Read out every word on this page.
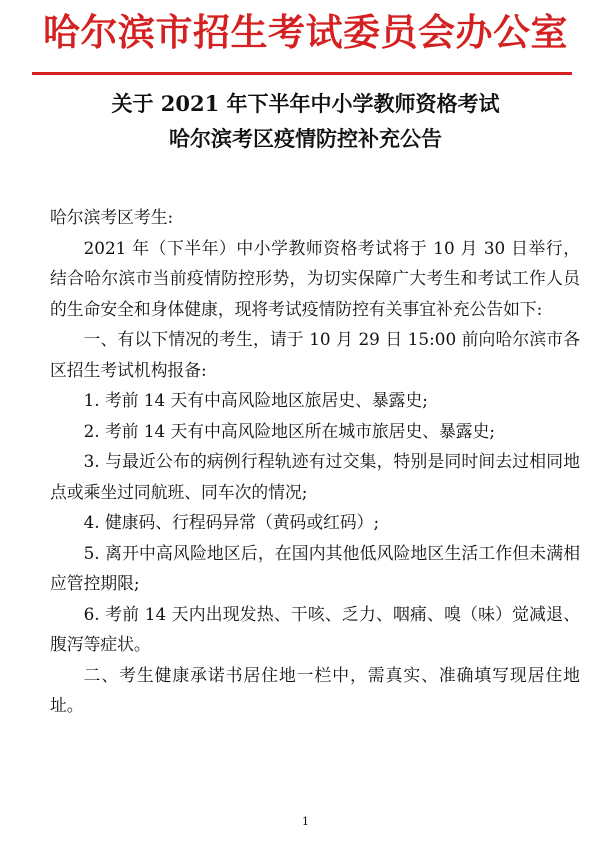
哈尔滨市招生考试委员会办公室
关于 2021 年下半年中小学教师资格考试
哈尔滨考区疫情防控补充公告

哈尔滨考区考生:

2021 年（下半年）中小学教师资格考试将于 10 月 30 日举行，结合哈尔滨市当前疫情防控形势，为切实保障广大考生和考试工作人员的生命安全和身体健康，现将考试疫情防控有关事宜补充公告如下:

一、有以下情况的考生，请于 10 月 29 日 15:00 前向哈尔滨市各区招生考试机构报备:

1. 考前 14 天有中高风险地区旅居史、暴露史;

2. 考前 14 天有中高风险地区所在城市旅居史、暴露史;

3. 与最近公布的病例行程轨迹有过交集，特别是同时间去过相同地点或乘坐过同航班、同车次的情况;

4. 健康码、行程码异常（黄码或红码）;

5. 离开中高风险地区后，在国内其他低风险地区生活工作但未满相应管控期限;

6. 考前 14 天内出现发热、干咳、乏力、咽痛、嗅（味）觉减退、腹泻等症状。

二、考生健康承诺书居住地一栏中，需真实、准确填写现居住地址。

1
